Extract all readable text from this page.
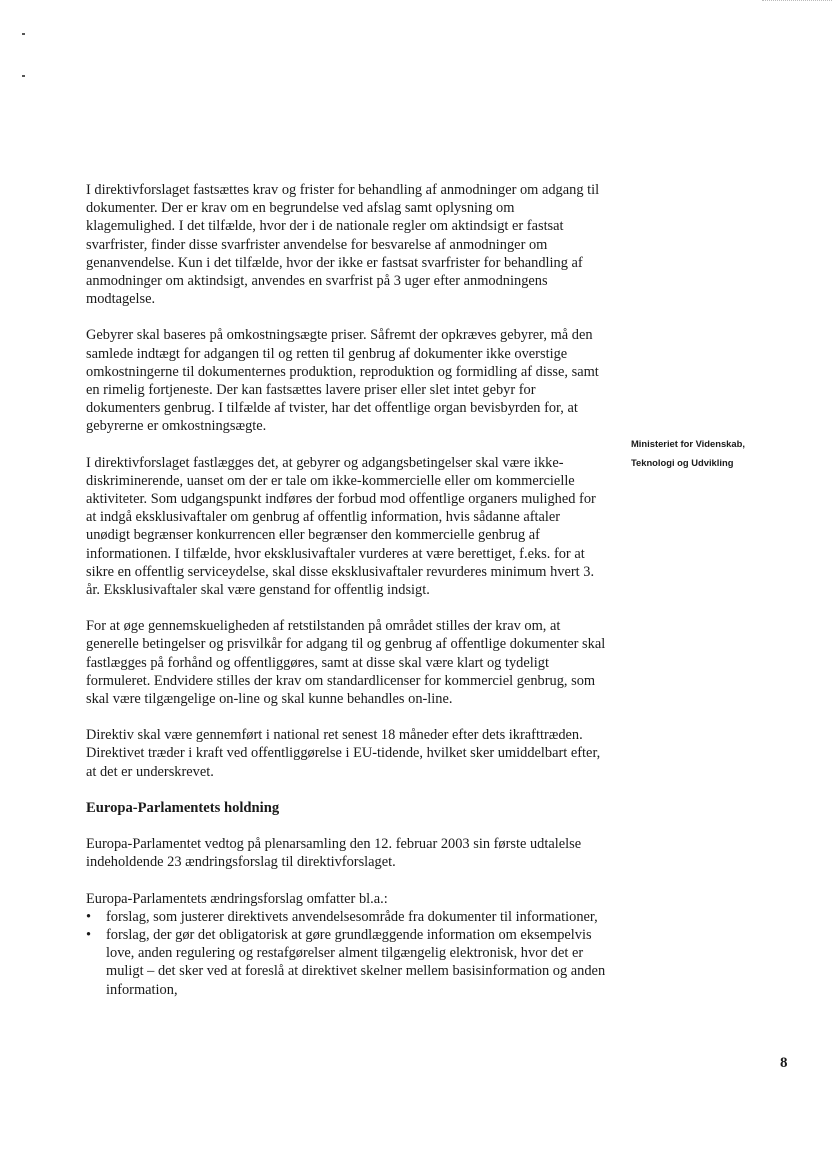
I direktivforslaget fastsættes krav og frister for behandling af anmodninger om adgang til dokumenter. Der er krav om en begrundelse ved afslag samt oplysning om klagemulighed. I det tilfælde, hvor der i de nationale regler om aktindsigt er fastsat svarfrister, finder disse svarfrister anvendelse for besvarelse af anmodninger om genanvendelse. Kun i det tilfælde, hvor der ikke er fastsat svarfrister for behandling af anmodninger om aktindsigt, anvendes en svarfrist på 3 uger efter anmodningens modtagelse.

Gebyrer skal baseres på omkostningsægte priser. Såfremt der opkræves gebyrer, må den samlede indtægt for adgangen til og retten til genbrug af dokumenter ikke overstige omkostningerne til dokumenternes produktion, reproduktion og formidling af disse, samt en rimelig fortjeneste. Der kan fastsættes lavere priser eller slet intet gebyr for dokumenters genbrug. I tilfælde af tvister, har det offentlige organ bevisbyrden for, at gebyrerne er omkostningsægte.

I direktivforslaget fastlægges det, at gebyrer og adgangsbetingelser skal være ikke-diskriminerende, uanset om der er tale om ikke-kommercielle eller om kommercielle aktiviteter. Som udgangspunkt indføres der forbud mod offentlige organers mulighed for at indgå eksklusivaftaler om genbrug af offentlig information, hvis sådanne aftaler unødigt begrænser konkurrencen eller begrænser den kommercielle genbrug af informationen. I tilfælde, hvor eksklusivaftaler vurderes at være berettiget, f.eks. for at sikre en offentlig serviceydelse, skal disse eksklusivaftaler revurderes minimum hvert 3. år. Eksklusivaftaler skal være genstand for offentlig indsigt.

For at øge gennemskueligheden af retstilstanden på området stilles der krav om, at generelle betingelser og prisvilkår for adgang til og genbrug af offentlige dokumenter skal fastlægges på forhånd og offentliggøres, samt at disse skal være klart og tydeligt formuleret. Endvidere stilles der krav om standardlicenser for kommerciel genbrug, som skal være tilgængelige on-line og skal kunne behandles on-line.

Direktiv skal være gennemført i national ret senest 18 måneder efter dets ikrafttræden. Direktivet træder i kraft ved offentliggørelse i EU-tidende, hvilket sker umiddelbart efter, at det er underskrevet.

Europa-Parlamentets holdning

Europa-Parlamentet vedtog på plenarsamling den 12. februar 2003 sin første udtalelse indeholdende 23 ændringsforslag til direktivforslaget.

Europa-Parlamentets ændringsforslag omfatter bl.a.:

• forslag, som justerer direktivets anvendelsesområde fra dokumenter til informationer,
• forslag, der gør det obligatorisk at gøre grundlæggende information om eksempelvis love, anden regulering og restafgørelser alment tilgængelig elektronisk, hvor det er muligt – det sker ved at foreslå at direktivet skelner mellem basisinformation og anden information,
Ministeriet for Videnskab,
Teknologi og Udvikling
8
